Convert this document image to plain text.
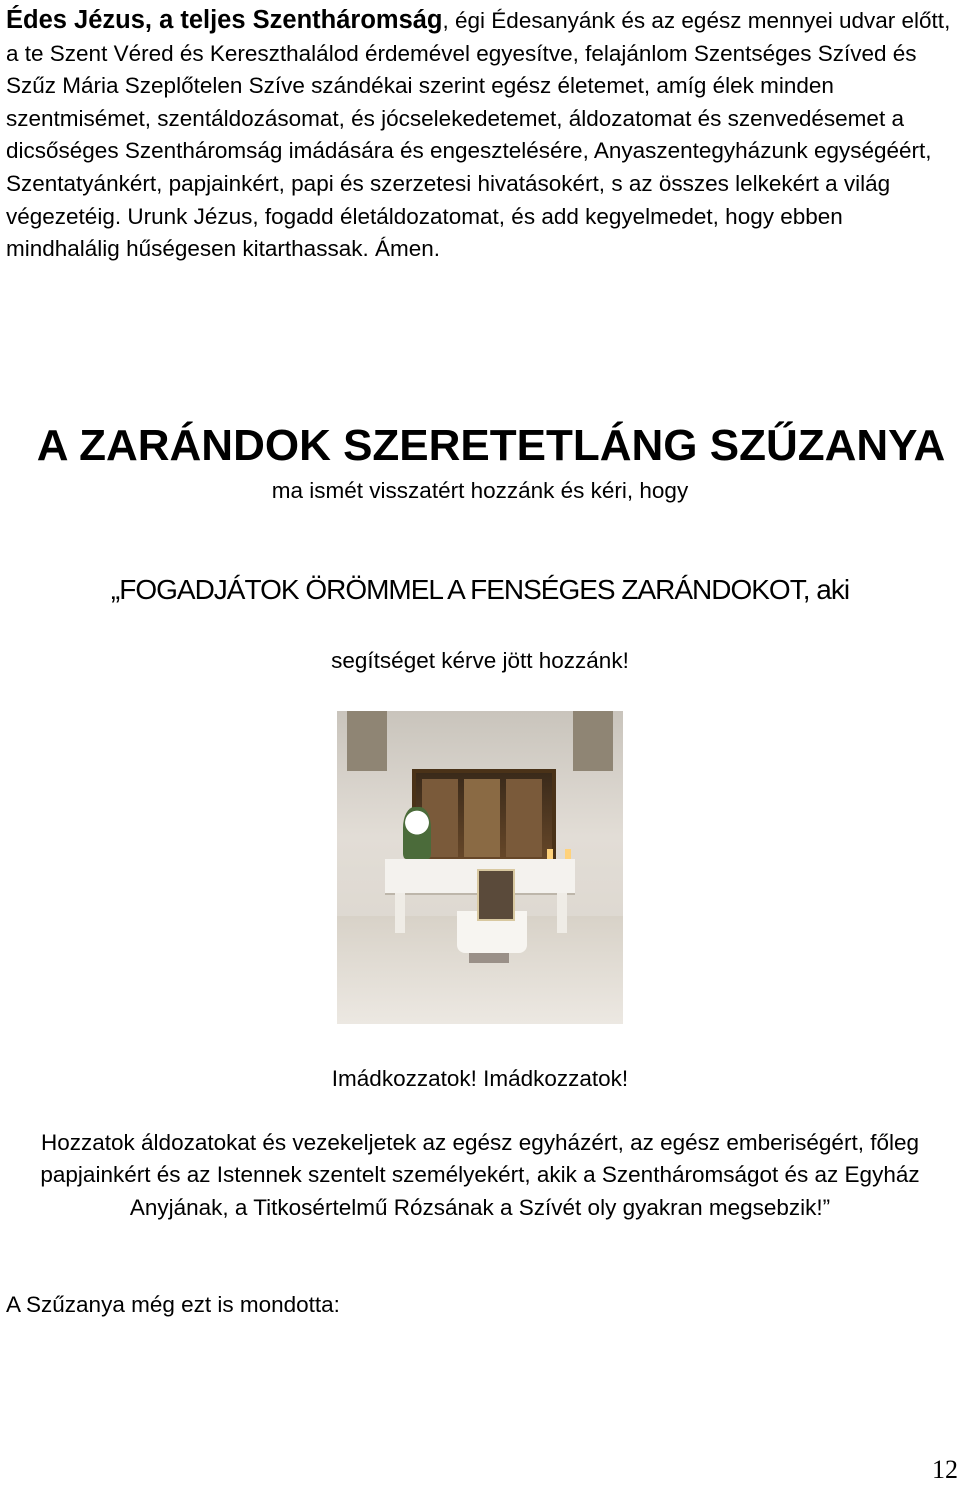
Édes Jézus, a teljes Szentháromság, égi Édesanyánk és az egész mennyei udvar előtt, a te Szent Véred és Kereszthalálod érdemével egyesítve, felajánlom Szentséges Szíved és Szűz Mária Szeplőtelen Szíve szándékai szerint egész életemet, amíg élek minden szentmisémet, szentáldozásomat, és jócselekedetemet, áldozatomat és szenvedésemet a dicsőséges Szentháromság imádására és engesztelésére, Anyaszentegyházunk egységéért, Szentatyánkért, papjainkért, papi és szerzetesi hivatásokért, s az összes lelkekért a világ végezetéig. Urunk Jézus, fogadd életáldozatomat, és add kegyelmedet, hogy ebben mindhalálig hűségesen kitarthassak. Ámen.

A ZARÁNDOK SZERETETLÁNG SZŰZANYA

ma ismét visszatért hozzánk és kéri, hogy

„FOGADJÁTOK ÖRÖMMEL A FENSÉGES ZARÁNDOKOT, aki

segítséget kérve jött hozzánk!

Imádkozzatok! Imádkozzatok!

Hozzatok áldozatokat és vezekeljetek az egész egyházért, az egész emberiségért, főleg papjainkért és az Istennek szentelt személyekért, akik a Szentháromságot és az Egyház Anyjának, a Titkosértelmű Rózsának a Szívét oly gyakran megsebzik!”

A Szűzanya még ezt is mondotta:

12
